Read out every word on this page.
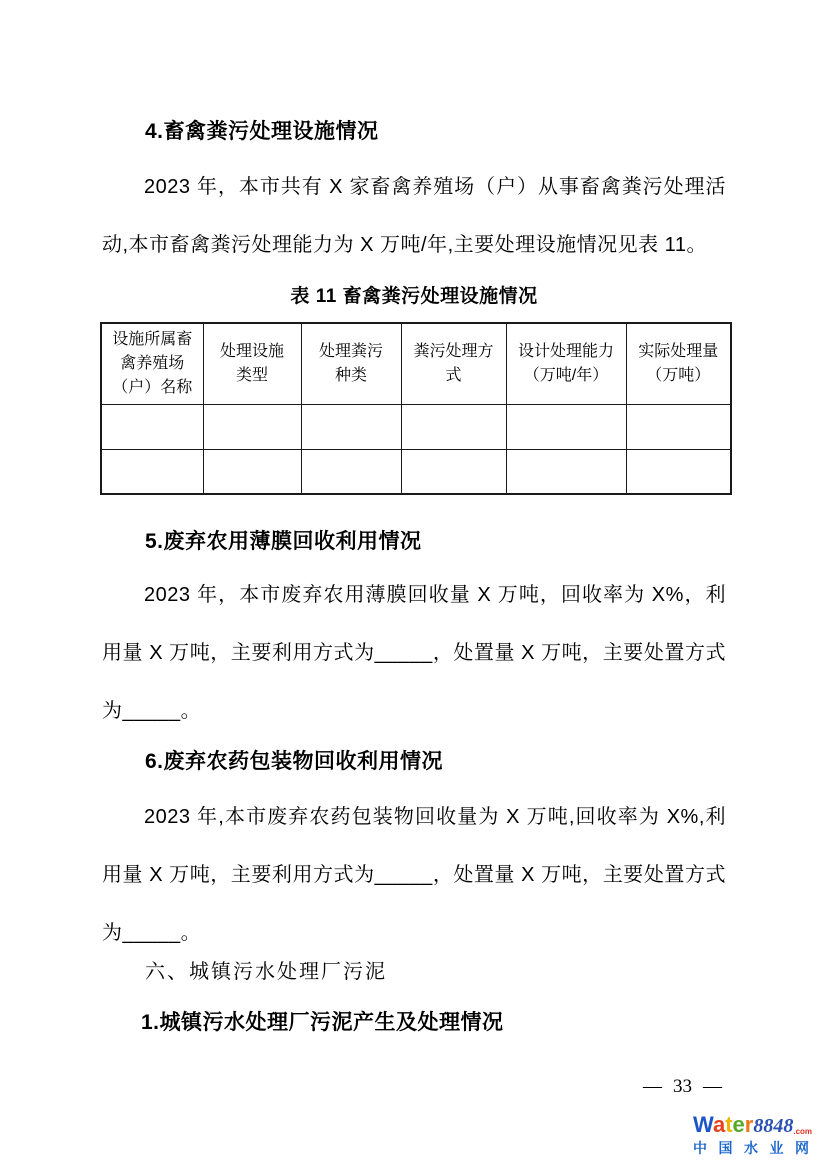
4.畜禽粪污处理设施情况
2023 年，本市共有 X 家畜禽养殖场（户）从事畜禽粪污处理活动,本市畜禽粪污处理能力为 X 万吨/年,主要处理设施情况见表 11。
表 11 畜禽粪污处理设施情况
设施所属畜禽养殖场（户）名称	处理设施类型	处理粪污种类	粪污处理方式	设计处理能力（万吨/年）	实际处理量（万吨）

5.废弃农用薄膜回收利用情况
2023 年，本市废弃农用薄膜回收量 X 万吨，回收率为 X%，利用量 X 万吨，主要利用方式为_____，处置量 X 万吨，主要处置方式为_____。
6.废弃农药包装物回收利用情况
2023 年,本市废弃农药包装物回收量为 X 万吨,回收率为 X%,利用量 X 万吨，主要利用方式为_____，处置量 X 万吨，主要处置方式为_____。
六、城镇污水处理厂污泥
1.城镇污水处理厂污泥产生及处理情况
— 33 —
Water8848.com
中国水业网
